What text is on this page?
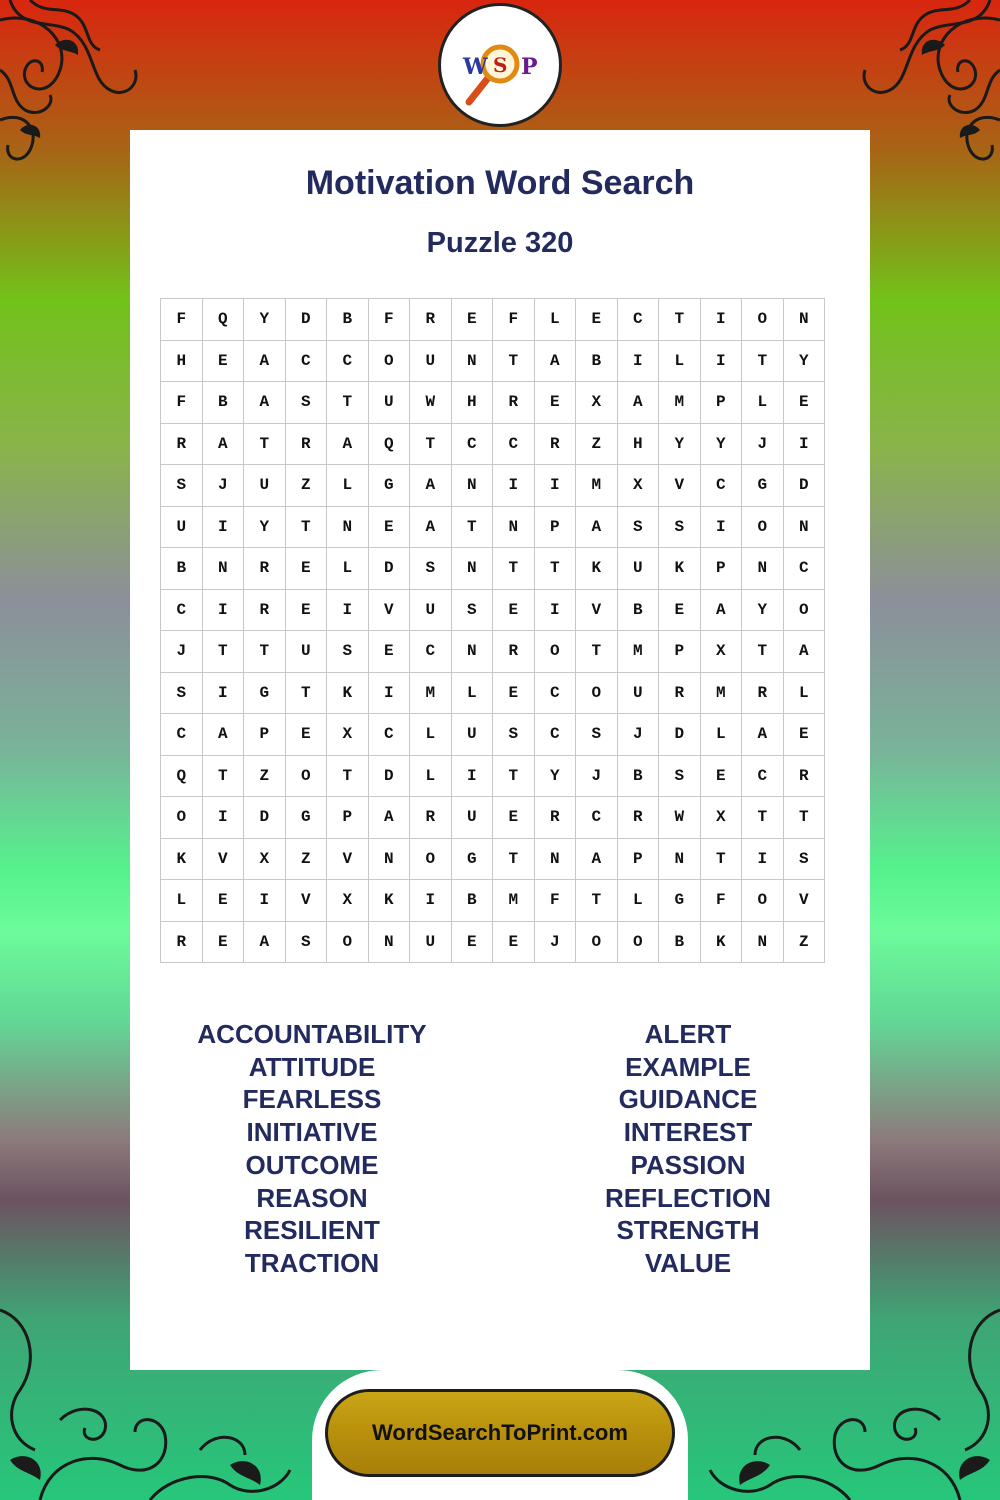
W S P
Motivation Word Search
Puzzle 320
F	Q	Y	D	B	F	R	E	F	L	E	C	T	I	O	N
H	E	A	C	C	O	U	N	T	A	B	I	L	I	T	Y
F	B	A	S	T	U	W	H	R	E	X	A	M	P	L	E
R	A	T	R	A	Q	T	C	C	R	Z	H	Y	Y	J	I
S	J	U	Z	L	G	A	N	I	I	M	X	V	C	G	D
U	I	Y	T	N	E	A	T	N	P	A	S	S	I	O	N
B	N	R	E	L	D	S	N	T	T	K	U	K	P	N	C
C	I	R	E	I	V	U	S	E	I	V	B	E	A	Y	O
J	T	T	U	S	E	C	N	R	O	T	M	P	X	T	A
S	I	G	T	K	I	M	L	E	C	O	U	R	M	R	L
C	A	P	E	X	C	L	U	S	C	S	J	D	L	A	E
Q	T	Z	O	T	D	L	I	T	Y	J	B	S	E	C	R
O	I	D	G	P	A	R	U	E	R	C	R	W	X	T	T
K	V	X	Z	V	N	O	G	T	N	A	P	N	T	I	S
L	E	I	V	X	K	I	B	M	F	T	L	G	F	O	V
R	E	A	S	O	N	U	E	E	J	O	O	B	K	N	Z
ACCOUNTABILITY
ATTITUDE
FEARLESS
INITIATIVE
OUTCOME
REASON
RESILIENT
TRACTION
ALERT
EXAMPLE
GUIDANCE
INTEREST
PASSION
REFLECTION
STRENGTH
VALUE
WordSearchToPrint.com
